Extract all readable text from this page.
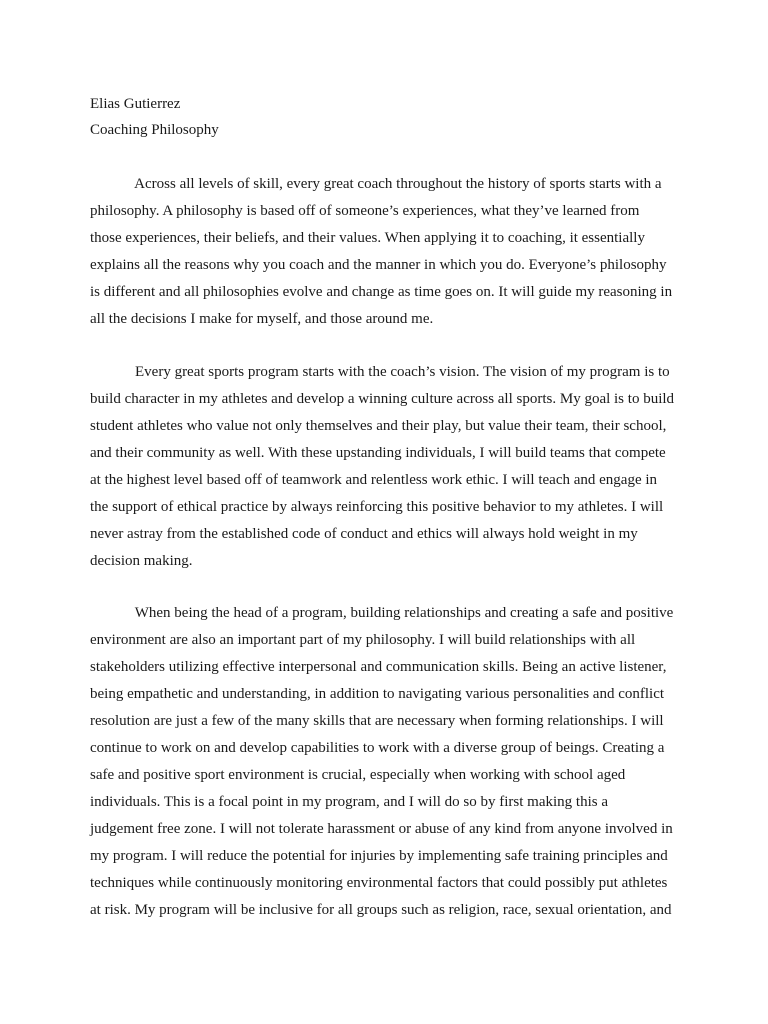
Elias Gutierrez
Coaching Philosophy
Across all levels of skill, every great coach throughout the history of sports starts with a
philosophy. A philosophy is based off of someone’s experiences, what they’ve learned from
those experiences, their beliefs, and their values. When applying it to coaching, it essentially
explains all the reasons why you coach and the manner in which you do. Everyone’s philosophy
is different and all philosophies evolve and change as time goes on. It will guide my reasoning in
all the decisions I make for myself, and those around me.
Every great sports program starts with the coach’s vision. The vision of my program is to
build character in my athletes and develop a winning culture across all sports. My goal is to build
student athletes who value not only themselves and their play, but value their team, their school,
and their community as well. With these upstanding individuals, I will build teams that compete
at the highest level based off of teamwork and relentless work ethic. I will teach and engage in
the support of ethical practice by always reinforcing this positive behavior to my athletes. I will
never astray from the established code of conduct and ethics will always hold weight in my
decision making.
When being the head of a program, building relationships and creating a safe and positive
environment are also an important part of my philosophy. I will build relationships with all
stakeholders utilizing effective interpersonal and communication skills. Being an active listener,
being empathetic and understanding, in addition to navigating various personalities and conflict
resolution are just a few of the many skills that are necessary when forming relationships. I will
continue to work on and develop capabilities to work with a diverse group of beings. Creating a
safe and positive sport environment is crucial, especially when working with school aged
individuals. This is a focal point in my program, and I will do so by first making this a
judgement free zone. I will not tolerate harassment or abuse of any kind from anyone involved in
my program. I will reduce the potential for injuries by implementing safe training principles and
techniques while continuously monitoring environmental factors that could possibly put athletes
at risk. My program will be inclusive for all groups such as religion, race, sexual orientation, and
